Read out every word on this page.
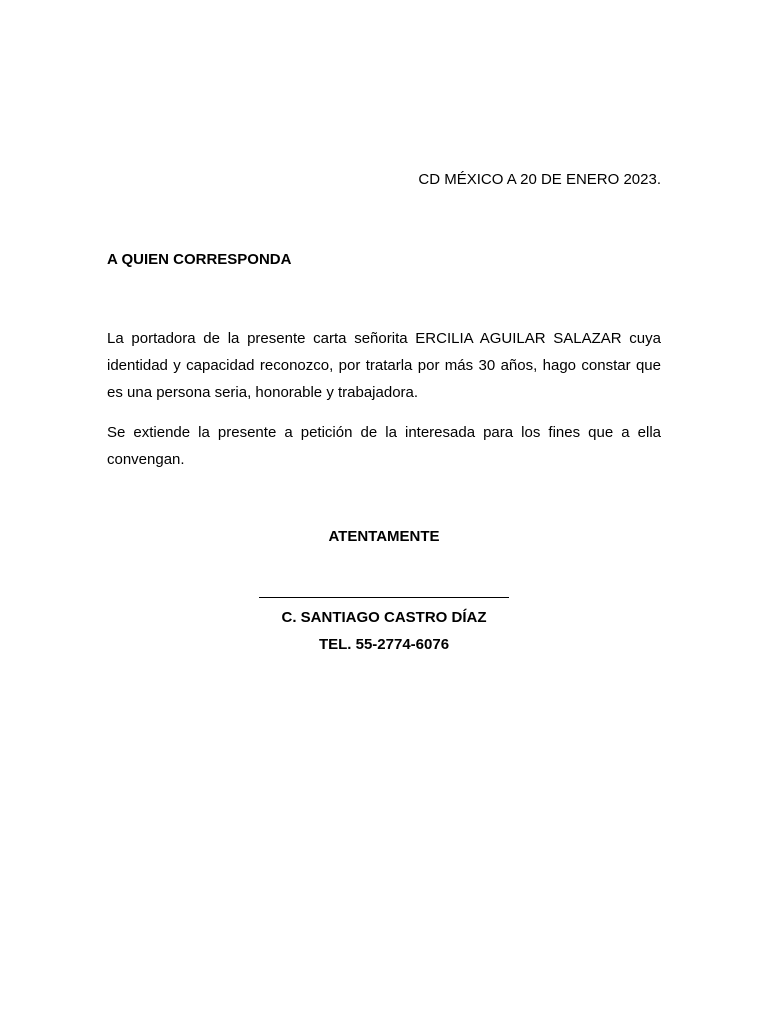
CD MÉXICO A 20 DE ENERO 2023.
A QUIEN CORRESPONDA

La portadora de la presente carta señorita ERCILIA AGUILAR SALAZAR cuya identidad y capacidad reconozco, por tratarla por más 30 años, hago constar que es una persona seria, honorable y trabajadora.

Se extiende la presente a petición de la interesada para los fines que a ella convengan.

ATENTAMENTE
C. SANTIAGO CASTRO DÍAZ
TEL. 55-2774-6076
